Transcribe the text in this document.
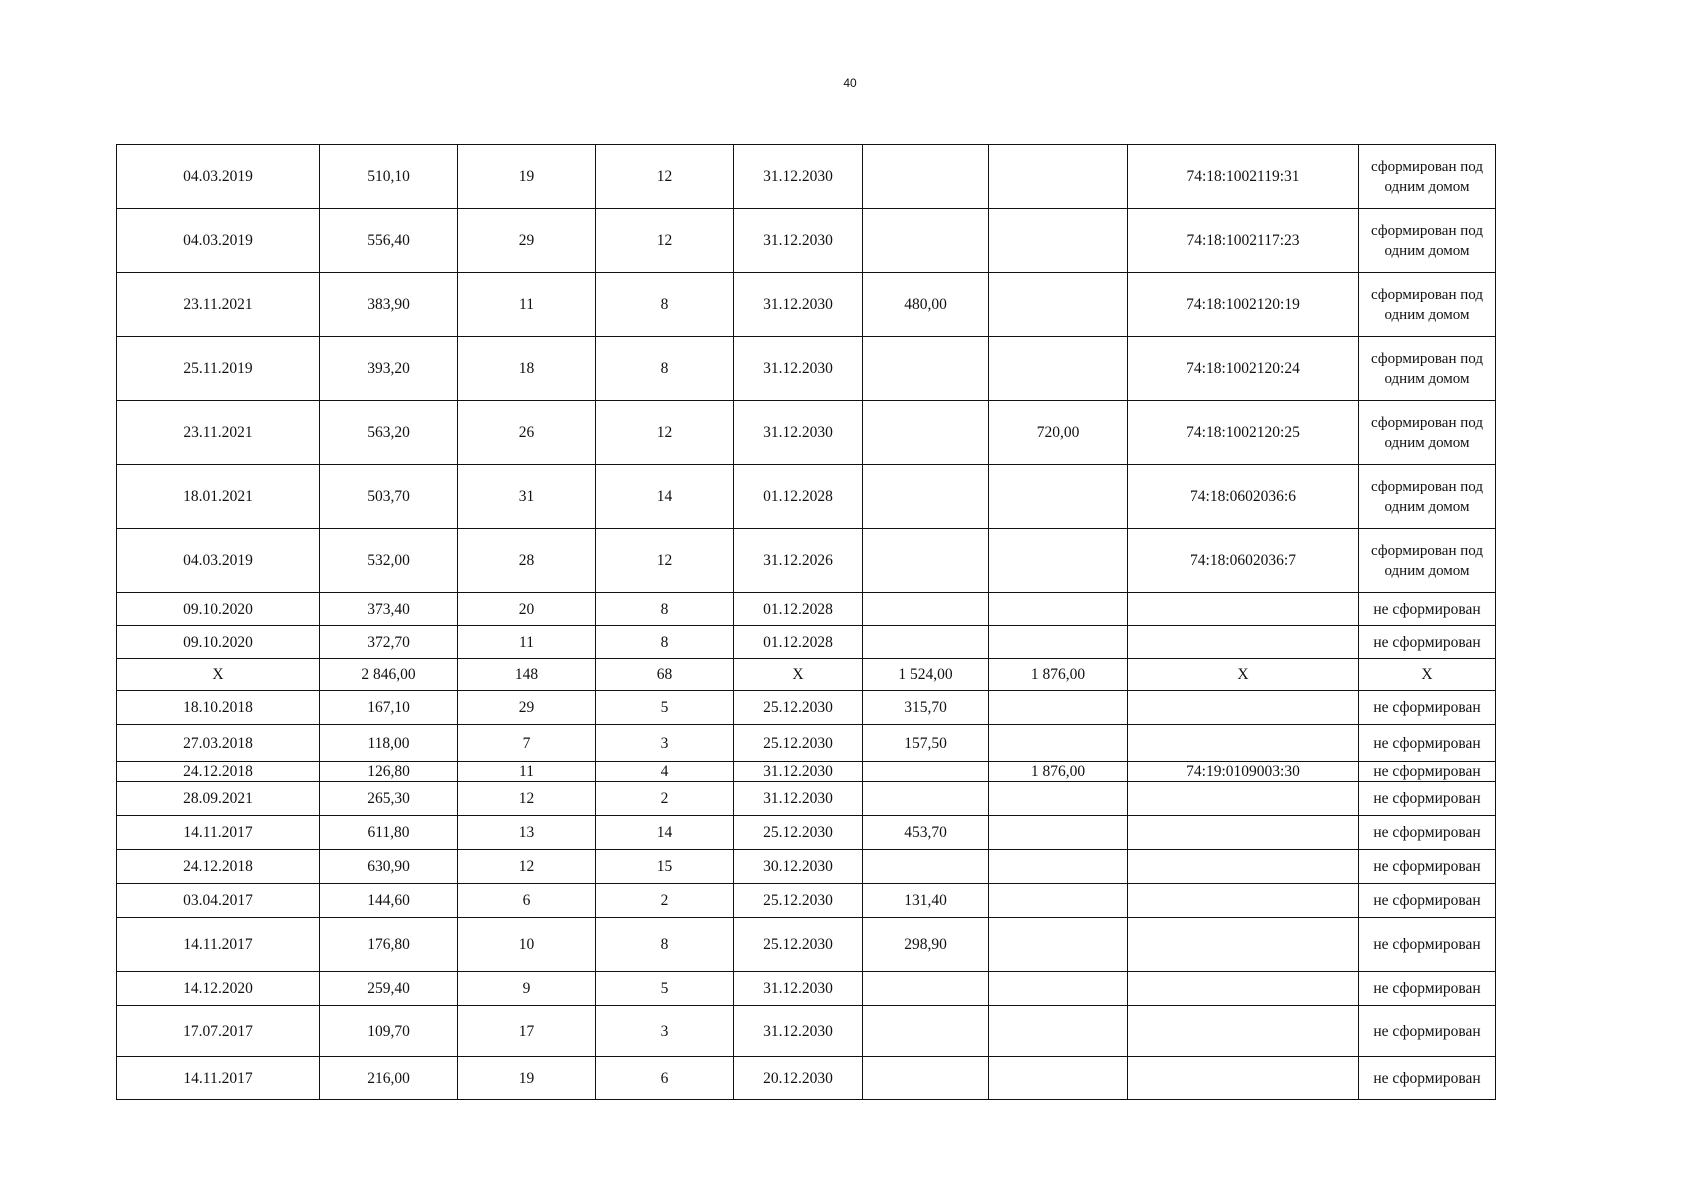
40
04.03.2019	510,10	19	12	31.12.2030			74:18:1002119:31	сформирован под одним домом
04.03.2019	556,40	29	12	31.12.2030			74:18:1002117:23	сформирован под одним домом
23.11.2021	383,90	11	8	31.12.2030	480,00		74:18:1002120:19	сформирован под одним домом
25.11.2019	393,20	18	8	31.12.2030			74:18:1002120:24	сформирован под одним домом
23.11.2021	563,20	26	12	31.12.2030		720,00	74:18:1002120:25	сформирован под одним домом
18.01.2021	503,70	31	14	01.12.2028			74:18:0602036:6	сформирован под одним домом
04.03.2019	532,00	28	12	31.12.2026			74:18:0602036:7	сформирован под одним домом
09.10.2020	373,40	20	8	01.12.2028				не сформирован
09.10.2020	372,70	11	8	01.12.2028				не сформирован
X	2 846,00	148	68	X	1 524,00	1 876,00	X	X
18.10.2018	167,10	29	5	25.12.2030	315,70			не сформирован
27.03.2018	118,00	7	3	25.12.2030	157,50			не сформирован
24.12.2018	126,80	11	4	31.12.2030		1 876,00	74:19:0109003:30	не сформирован
28.09.2021	265,30	12	2	31.12.2030				не сформирован
14.11.2017	611,80	13	14	25.12.2030	453,70			не сформирован
24.12.2018	630,90	12	15	30.12.2030				не сформирован
03.04.2017	144,60	6	2	25.12.2030	131,40			не сформирован
14.11.2017	176,80	10	8	25.12.2030	298,90			не сформирован
14.12.2020	259,40	9	5	31.12.2030				не сформирован
17.07.2017	109,70	17	3	31.12.2030				не сформирован
14.11.2017	216,00	19	6	20.12.2030				не сформирован
